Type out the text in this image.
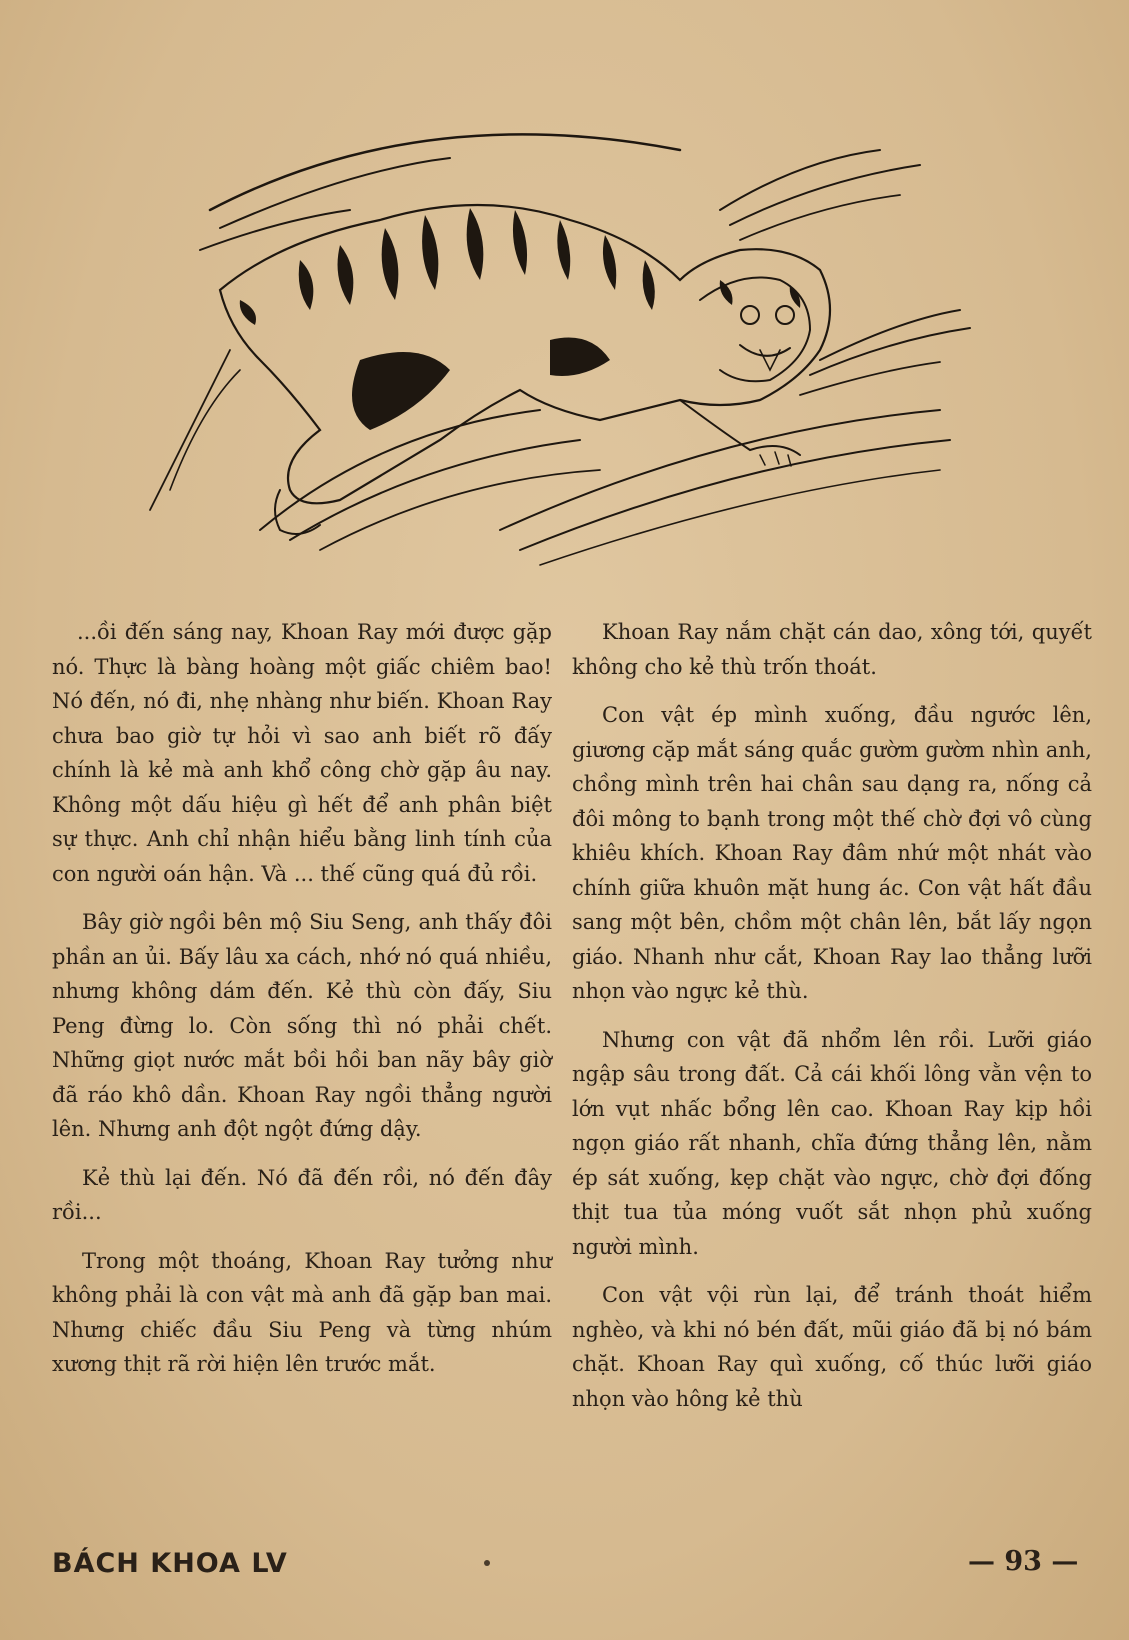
...ồi đến sáng nay, Khoan Ray mới được gặp nó. Thực là bàng hoàng một giấc chiêm bao! Nó đến, nó đi, nhẹ nhàng như biến. Khoan Ray chưa bao giờ tự hỏi vì sao anh biết rõ đấy chính là kẻ mà anh khổ công chờ gặp âu nay. Không một dấu hiệu gì hết để anh phân biệt sự thực. Anh chỉ nhận hiểu bằng linh tính của con người oán hận. Và ... thế cũng quá đủ rồi.

Bây giờ ngồi bên mộ Siu Seng, anh thấy đôi phần an ủi. Bấy lâu xa cách, nhớ nó quá nhiều, nhưng không dám đến. Kẻ thù còn đấy, Siu Peng đừng lo. Còn sống thì nó phải chết. Những giọt nước mắt bồi hồi ban nãy bây giờ đã ráo khô dần. Khoan Ray ngồi thẳng người lên. Nhưng anh đột ngột đứng dậy.

Kẻ thù lại đến. Nó đã đến rồi, nó đến đây rồi...

Trong một thoáng, Khoan Ray tưởng như không phải là con vật mà anh đã gặp ban mai. Nhưng chiếc đầu Siu Peng và từng nhúm xương thịt rã rời hiện lên trước mắt.

Khoan Ray nắm chặt cán dao, xông tới, quyết không cho kẻ thù trốn thoát.

Con vật ép mình xuống, đầu ngước lên, giương cặp mắt sáng quắc gườm gườm nhìn anh, chồng mình trên hai chân sau dạng ra, nống cả đôi mông to bạnh trong một thế chờ đợi vô cùng khiêu khích. Khoan Ray đâm nhứ một nhát vào chính giữa khuôn mặt hung ác. Con vật hất đầu sang một bên, chồm một chân lên, bắt lấy ngọn giáo. Nhanh như cắt, Khoan Ray lao thẳng lưỡi nhọn vào ngực kẻ thù.

Nhưng con vật đã nhổm lên rồi. Lưỡi giáo ngập sâu trong đất. Cả cái khối lông vằn vện to lớn vụt nhấc bổng lên cao. Khoan Ray kịp hồi ngọn giáo rất nhanh, chĩa đứng thẳng lên, nằm ép sát xuống, kẹp chặt vào ngực, chờ đợi đống thịt tua tủa móng vuốt sắt nhọn phủ xuống người mình.

Con vật vội rùn lại, để tránh thoát hiểm nghèo, và khi nó bén đất, mũi giáo đã bị nó bám chặt. Khoan Ray quì xuống, cố thúc lưỡi giáo nhọn vào hông kẻ thù

BÁCH KHOA LV	— 93 —
